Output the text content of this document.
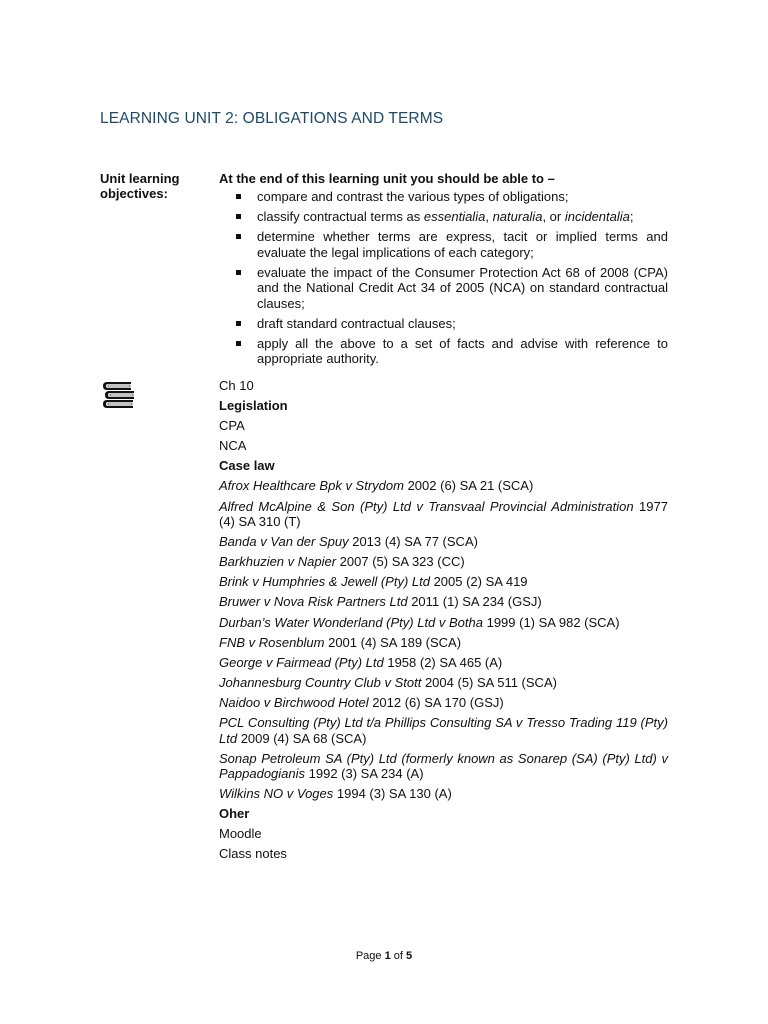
LEARNING UNIT 2: OBLIGATIONS AND TERMS
Unit learning objectives:
At the end of this learning unit you should be able to –
compare and contrast the various types of obligations;
classify contractual terms as essentialia, naturalia, or incidentalia;
determine whether terms are express, tacit or implied terms and evaluate the legal implications of each category;
evaluate the impact of the Consumer Protection Act 68 of 2008 (CPA) and the National Credit Act 34 of 2005 (NCA) on standard contractual clauses;
draft standard contractual clauses;
apply all the above to a set of facts and advise with reference to appropriate authority.
Ch 10
Legislation
CPA
NCA
Case law
Afrox Healthcare Bpk v Strydom 2002 (6) SA 21 (SCA)
Alfred McAlpine & Son (Pty) Ltd v Transvaal Provincial Administration 1977 (4) SA 310 (T)
Banda v Van der Spuy 2013 (4) SA 77 (SCA)
Barkhuzien v Napier 2007 (5) SA 323 (CC)
Brink v Humphries & Jewell (Pty) Ltd 2005 (2) SA 419
Bruwer v Nova Risk Partners Ltd 2011 (1) SA 234 (GSJ)
Durban’s Water Wonderland (Pty) Ltd v Botha 1999 (1) SA 982 (SCA)
FNB v Rosenblum 2001 (4) SA 189 (SCA)
George v Fairmead (Pty) Ltd 1958 (2) SA 465 (A)
Johannesburg Country Club v Stott 2004 (5) SA 511 (SCA)
Naidoo v Birchwood Hotel 2012 (6) SA 170 (GSJ)
PCL Consulting (Pty) Ltd t/a Phillips Consulting SA v Tresso Trading 119 (Pty) Ltd 2009 (4) SA 68 (SCA)
Sonap Petroleum SA (Pty) Ltd (formerly known as Sonarep (SA) (Pty) Ltd) v Pappadogianis 1992 (3) SA 234 (A)
Wilkins NO v Voges 1994 (3) SA 130 (A)
Oher
Moodle
Class notes
Page 1 of 5
